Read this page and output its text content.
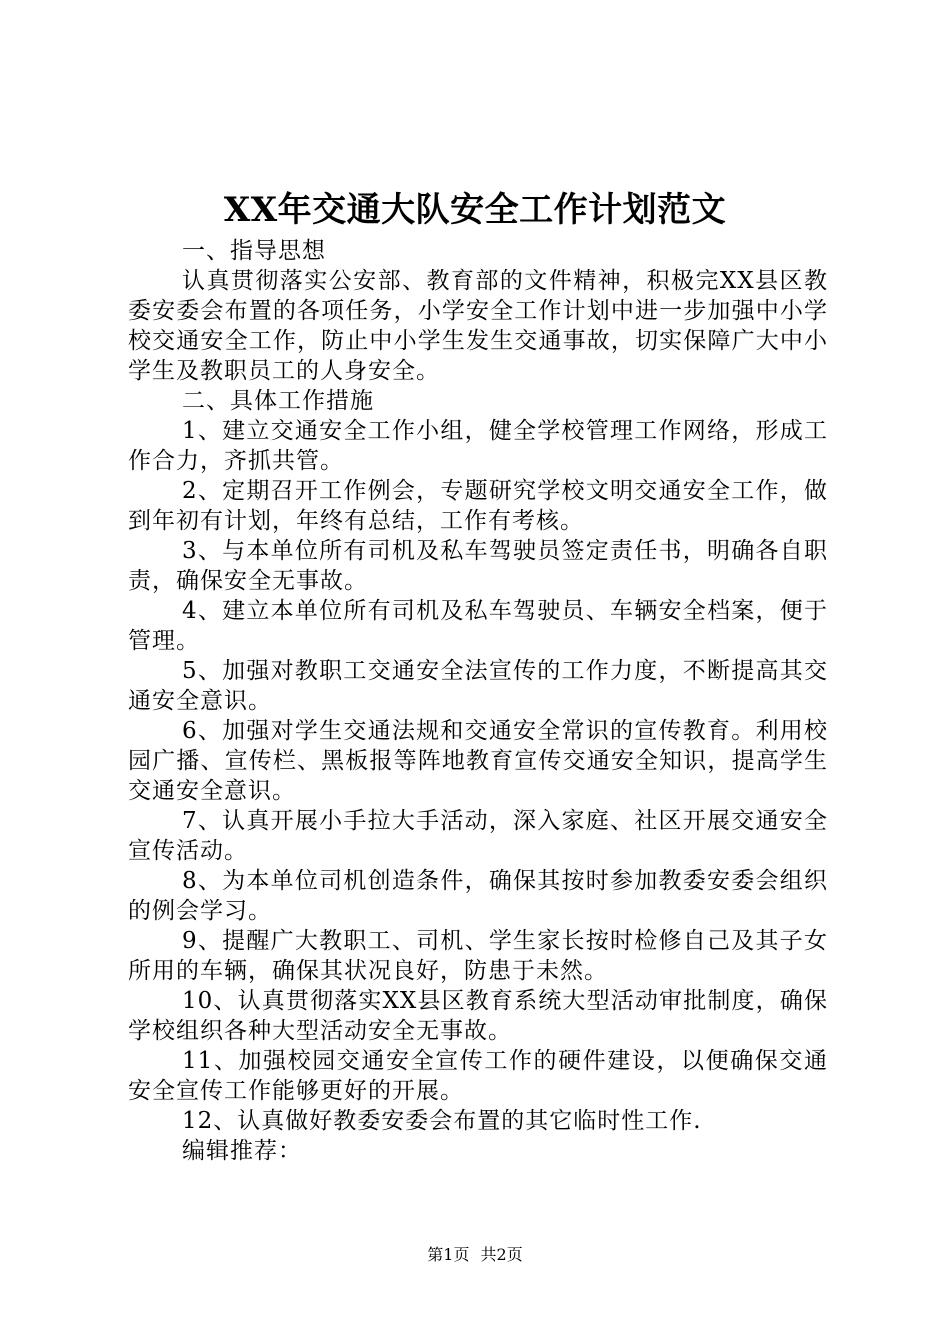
XX年交通大队安全工作计划范文

一、指导思想

认真贯彻落实公安部、教育部的文件精神，积极完XX县区教委安委会布置的各项任务，小学安全工作计划中进一步加强中小学校交通安全工作，防止中小学生发生交通事故，切实保障广大中小学生及教职员工的人身安全。

二、具体工作措施

1、建立交通安全工作小组，健全学校管理工作网络，形成工作合力，齐抓共管。

2、定期召开工作例会，专题研究学校文明交通安全工作，做到年初有计划，年终有总结，工作有考核。

3、与本单位所有司机及私车驾驶员签定责任书，明确各自职责，确保安全无事故。

4、建立本单位所有司机及私车驾驶员、车辆安全档案，便于管理。

5、加强对教职工交通安全法宣传的工作力度，不断提高其交通安全意识。

6、加强对学生交通法规和交通安全常识的宣传教育。利用校园广播、宣传栏、黑板报等阵地教育宣传交通安全知识，提高学生交通安全意识。

7、认真开展小手拉大手活动，深入家庭、社区开展交通安全宣传活动。

8、为本单位司机创造条件，确保其按时参加教委安委会组织的例会学习。

9、提醒广大教职工、司机、学生家长按时检修自己及其子女所用的车辆，确保其状况良好，防患于未然。

10、认真贯彻落实XX县区教育系统大型活动审批制度，确保学校组织各种大型活动安全无事故。

11、加强校园交通安全宣传工作的硬件建设，以便确保交通安全宣传工作能够更好的开展。

12、认真做好教委安委会布置的其它临时性工作.

编辑推荐：

第1页 共2页
